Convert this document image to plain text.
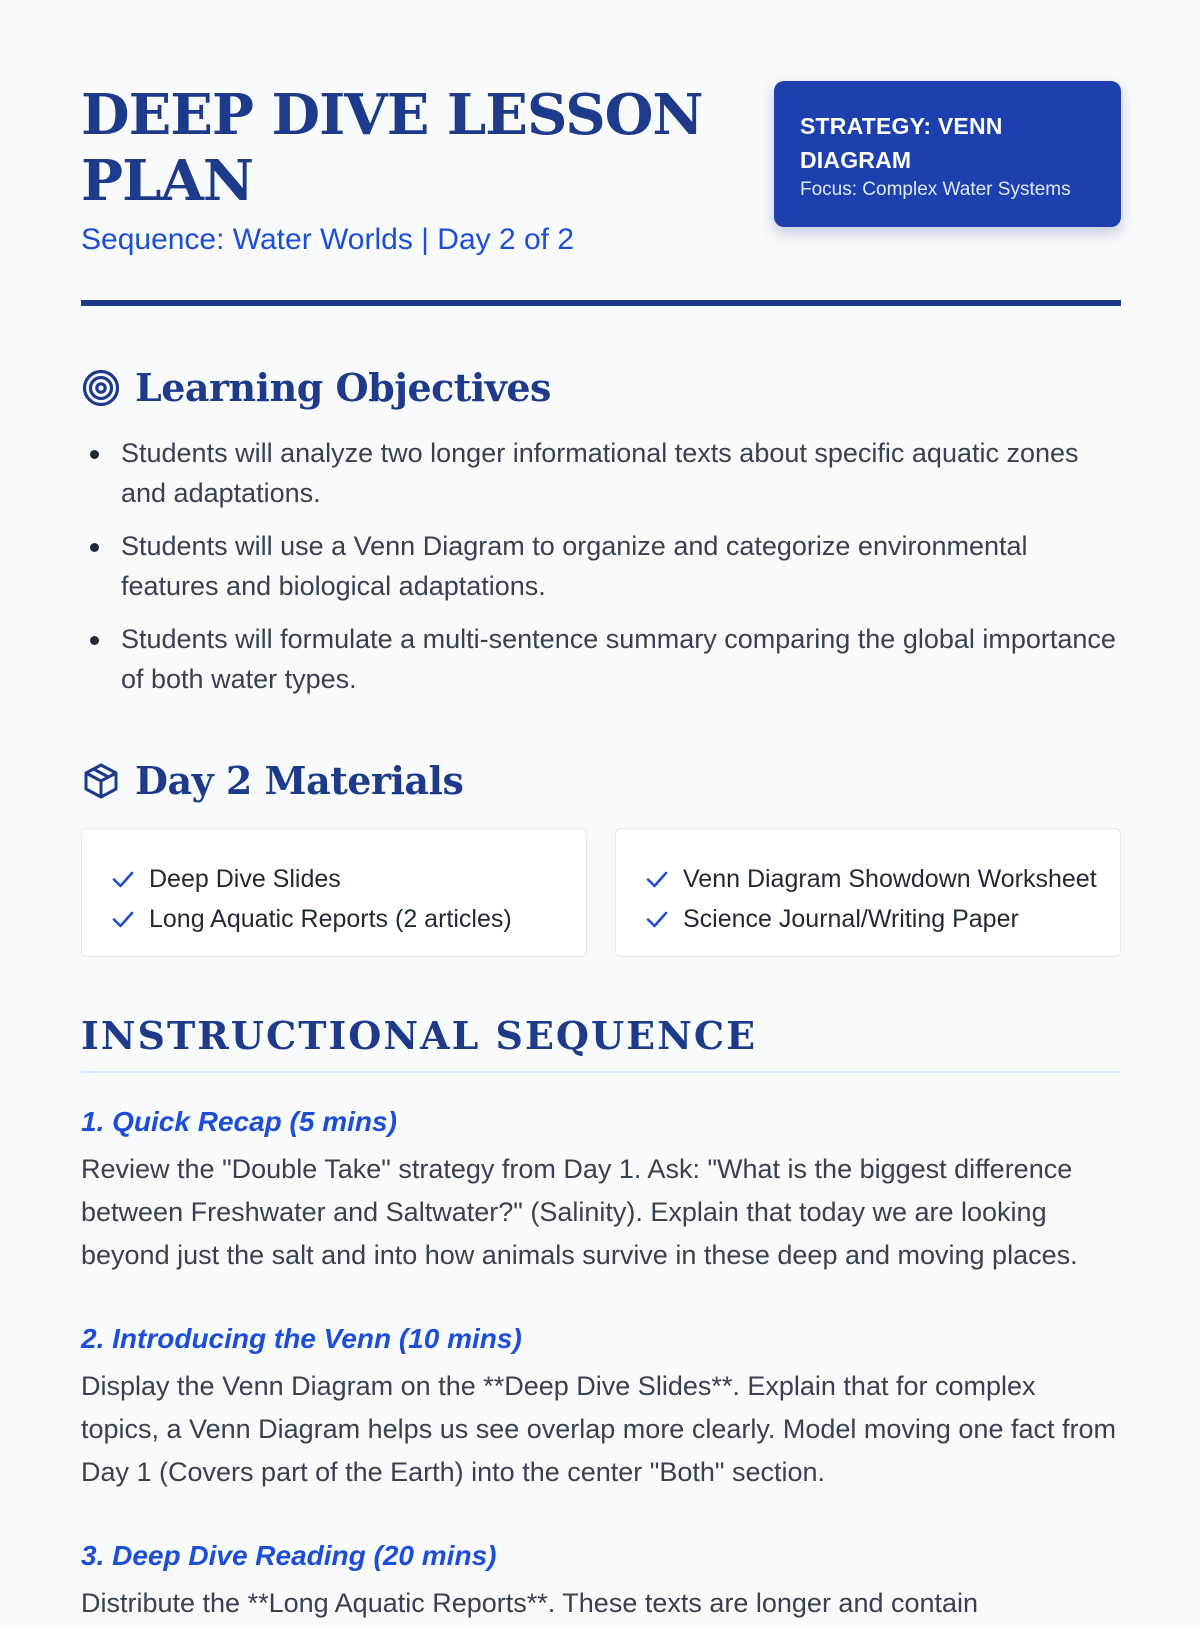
DEEP DIVE LESSON PLAN

Sequence: Water Worlds | Day 2 of 2

STRATEGY: VENN DIAGRAM
Focus: Complex Water Systems
Learning Objectives
Students will analyze two longer informational texts about specific aquatic zones and adaptations.
Students will use a Venn Diagram to organize and categorize environmental features and biological adaptations.
Students will formulate a multi-sentence summary comparing the global importance of both water types.
Day 2 Materials
Deep Dive Slides
Long Aquatic Reports (2 articles)
Venn Diagram Showdown Worksheet
Science Journal/Writing Paper
INSTRUCTIONAL SEQUENCE
1. Quick Recap (5 mins)

Review the "Double Take" strategy from Day 1. Ask: "What is the biggest difference between Freshwater and Saltwater?" (Salinity). Explain that today we are looking beyond just the salt and into how animals survive in these deep and moving places.

2. Introducing the Venn (10 mins)

Display the Venn Diagram on the **Deep Dive Slides**. Explain that for complex topics, a Venn Diagram helps us see overlap more clearly. Model moving one fact from Day 1 (Covers part of the Earth) into the center "Both" section.

3. Deep Dive Reading (20 mins)

Distribute the **Long Aquatic Reports**. These texts are longer and contain
